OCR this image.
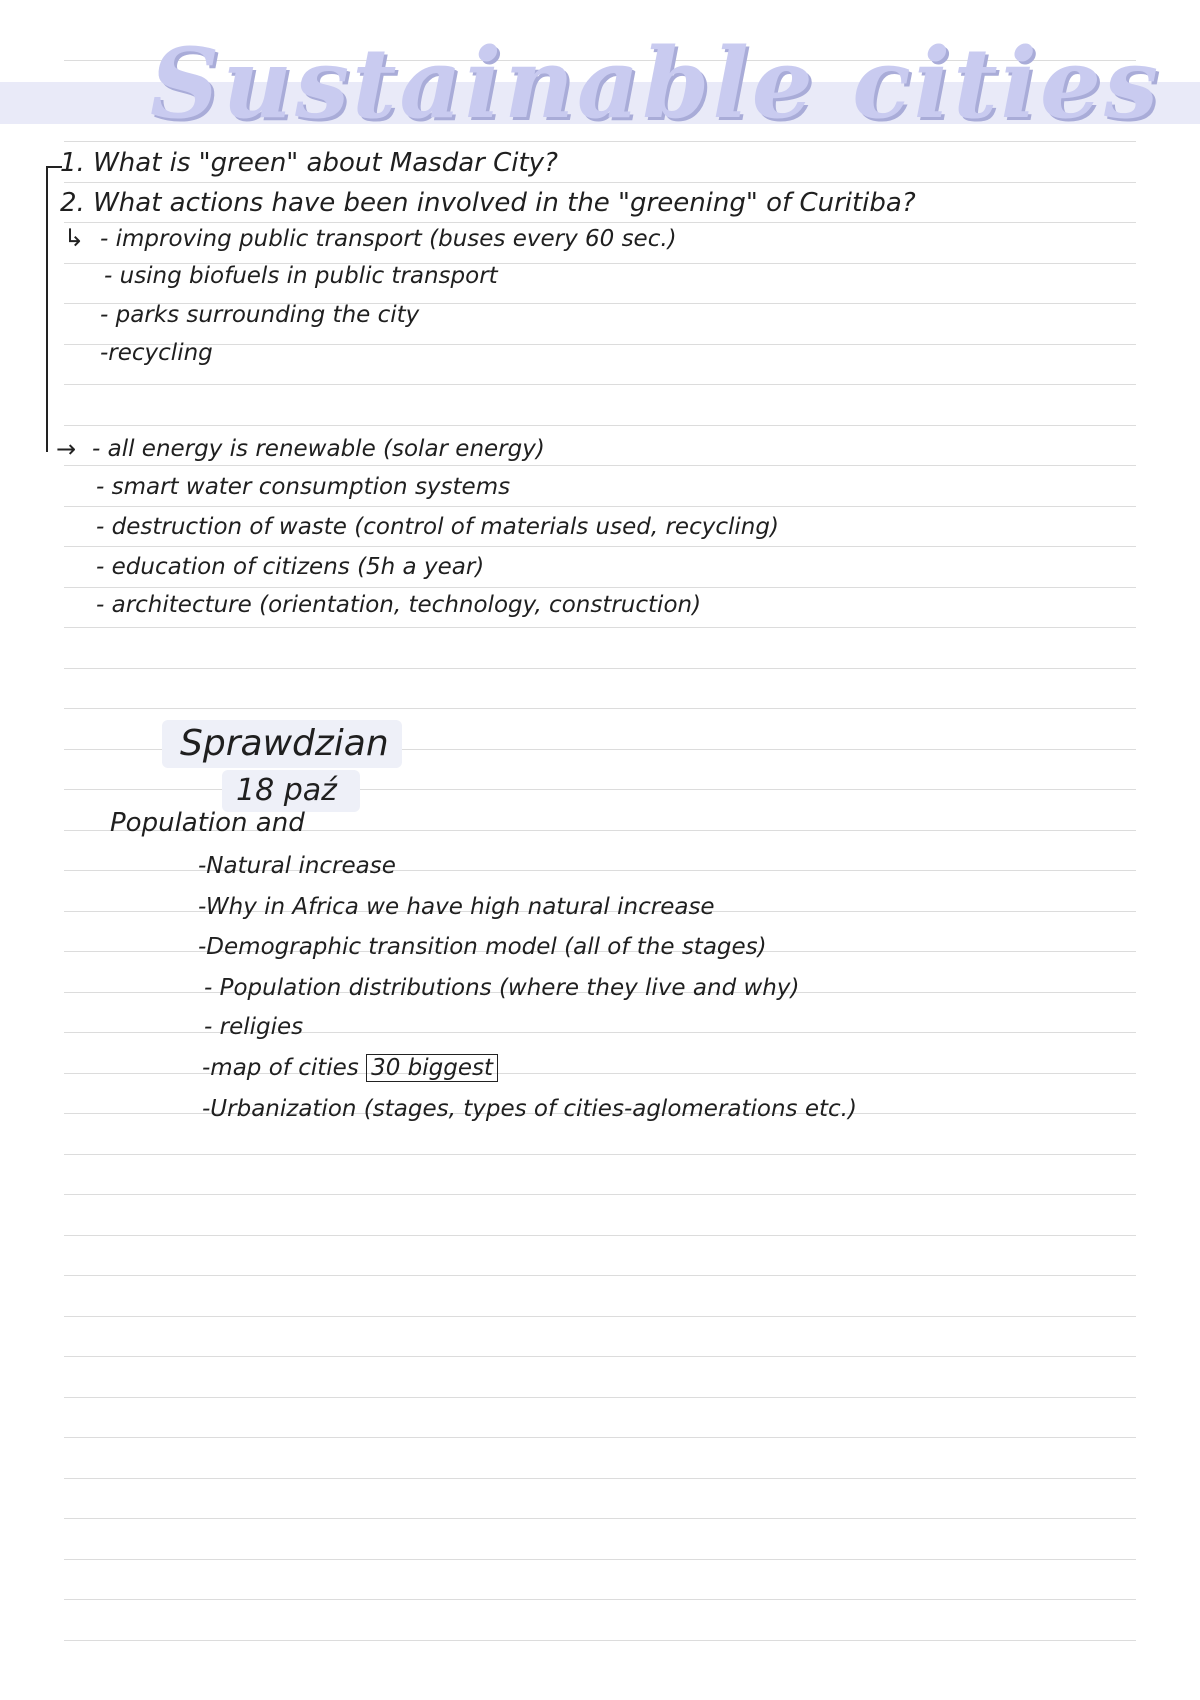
Sustainable cities

1. What is "green" about Masdar City?

2. What actions have been involved in the "greening" of Curitiba?

↳ - improving public transport (buses every 60 sec.)

- using biofuels in public transport

- parks surrounding the city

-recycling

→ - all energy is renewable (solar energy)

- smart water consumption systems

- destruction of waste (control of materials used, recycling)

- education of citizens (5h a year)

- architecture (orientation, technology, construction)

Sprawdzian

18 paź

Population and

-Natural increase

-Why in Africa we have high natural increase

-Demographic transition model (all of the stages)

- Population distributions (where they live and why)

- religies

-map of cities 30 biggest

-Urbanization (stages, types of cities-aglomerations etc.)
